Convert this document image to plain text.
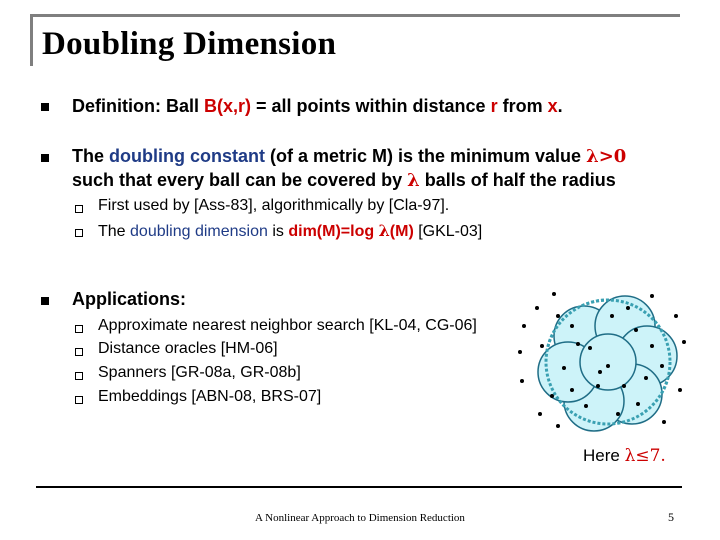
Doubling Dimension
Definition: Ball B(x,r) = all points within distance r from x.
The doubling constant (of a metric M) is the minimum value λ>0
such that every ball can be covered by λ balls of half the radius
First used by [Ass-83], algorithmically by [Cla-97].
The doubling dimension is dim(M)=log λ(M) [GKL-03]
Applications:
Approximate nearest neighbor search [KL-04, CG-06]
Distance oracles [HM-06]
Spanners [GR-08a, GR-08b]
Embeddings [ABN-08, BRS-07]
Here λ≤7.
A Nonlinear Approach to Dimension Reduction	5
